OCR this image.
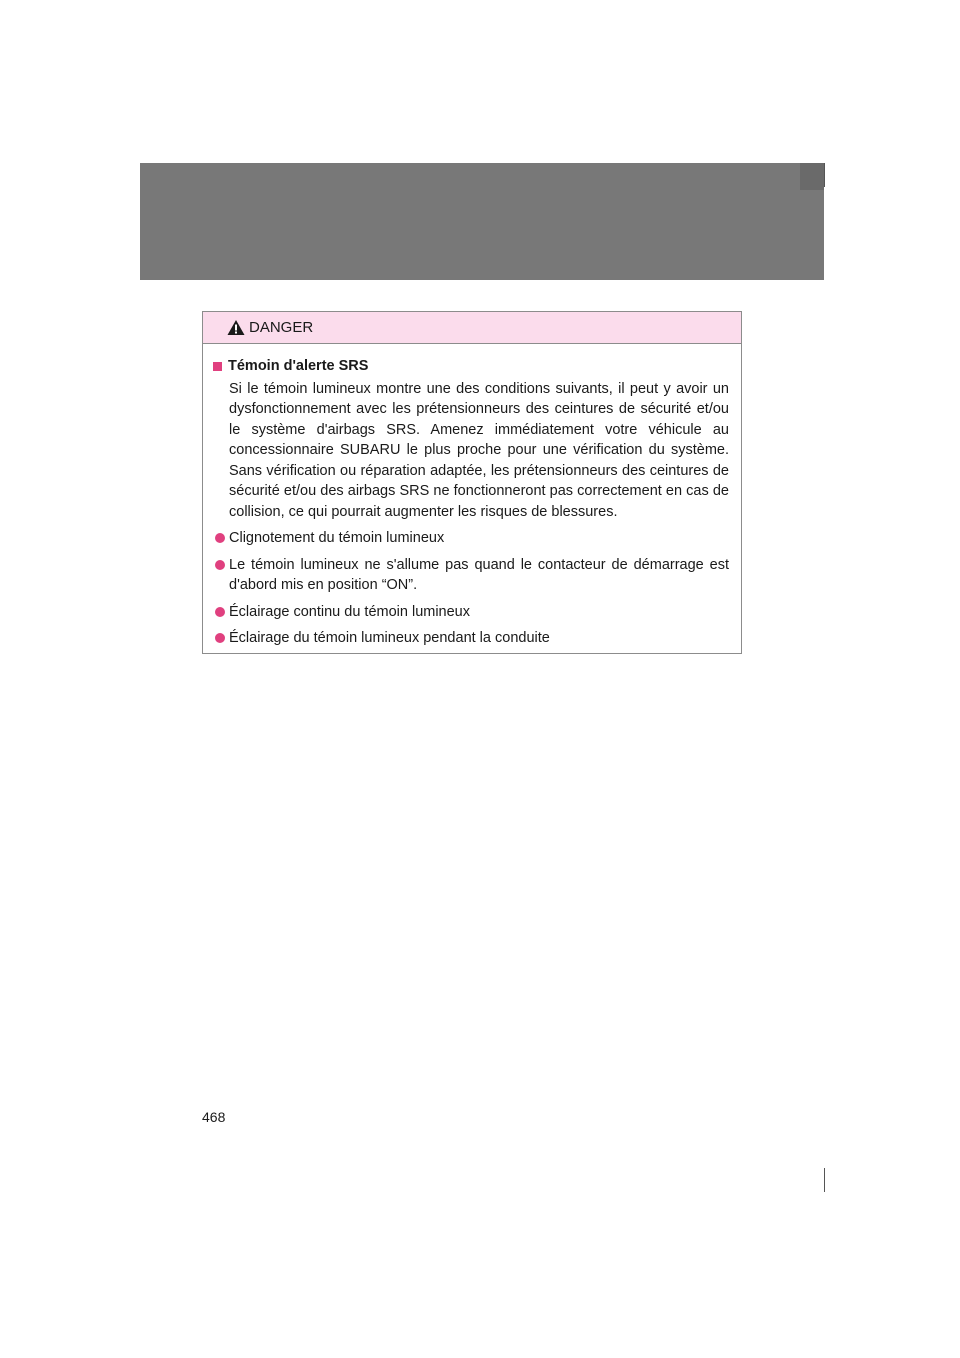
DANGER
Témoin d'alerte SRS
Si le témoin lumineux montre une des conditions suivants, il peut y avoir un dysfonctionnement avec les prétensionneurs des ceintures de sécurité et/ou le système d'airbags SRS. Amenez immédiatement votre véhicule au concessionnaire SUBARU le plus proche pour une vérification du système. Sans vérification ou réparation adaptée, les prétensionneurs des ceintures de sécurité et/ou des airbags SRS ne fonctionneront pas correctement en cas de collision, ce qui pourrait augmenter les risques de blessures.
Clignotement du témoin lumineux
Le témoin lumineux ne s'allume pas quand le contacteur de démarrage est d'abord mis en position “ON”.
Éclairage continu du témoin lumineux
Éclairage du témoin lumineux pendant la conduite
468
